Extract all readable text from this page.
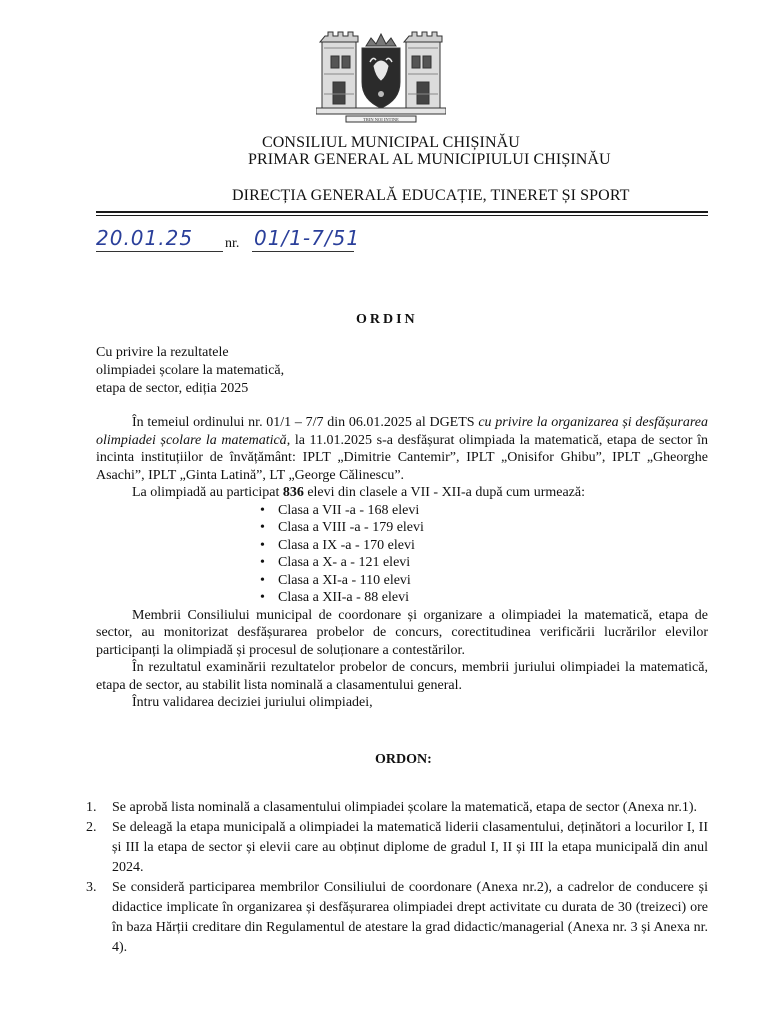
TRIN NOI INTINE
CONSILIUL MUNICIPAL CHIȘINĂU
PRIMAR GENERAL AL MUNICIPIULUI CHIȘINĂU
DIRECȚIA GENERALĂ EDUCAȚIE, TINERET ȘI SPORT
20.01.25 nr. 01/1-7/51
ORDIN
Cu privire la rezultatele
olimpiadei școlare la matematică,
etapa de sector, ediția 2025

În temeiul ordinului nr. 01/1 – 7/7 din 06.01.2025 al DGETS cu privire la organizarea și desfășurarea olimpiadei școlare la matematică, la 11.01.2025 s-a desfășurat olimpiada la matematică, etapa de sector în incinta instituțiilor de învățământ: IPLT „Dimitrie Cantemir”, IPLT „Onisifor Ghibu”, IPLT „Gheorghe Asachi”, IPLT „Ginta Latină”, LT „George Călinescu”.

La olimpiadă au participat 836 elevi din clasele a VII - XII-a după cum urmează:

• Clasa a VII -a - 168 elevi
• Clasa a VIII -a - 179 elevi
• Clasa a IX -a - 170 elevi
• Clasa a X- a - 121 elevi
• Clasa a XI-a - 110 elevi
• Clasa a XII-a - 88 elevi

Membrii Consiliului municipal de coordonare și organizare a olimpiadei la matematică, etapa de sector, au monitorizat desfășurarea probelor de concurs, corectitudinea verificării lucrărilor elevilor participanți la olimpiadă și procesul de soluționare a contestărilor.

În rezultatul examinării rezultatelor probelor de concurs, membrii juriului olimpiadei la matematică, etapa de sector, au stabilit lista nominală a clasamentului general.

Întru validarea deciziei juriului olimpiadei,

ORDON:
1. Se aprobă lista nominală a clasamentului olimpiadei școlare la matematică, etapa de sector (Anexa nr.1).
2. Se deleagă la etapa municipală a olimpiadei la matematică liderii clasamentului, deținători a locurilor I, II și III la etapa de sector și elevii care au obținut diplome de gradul I, II și III la etapa municipală din anul 2024.
3. Se consideră participarea membrilor Consiliului de coordonare (Anexa nr.2), a cadrelor de conducere și didactice implicate în organizarea și desfășurarea olimpiadei drept activitate cu durata de 30 (treizeci) ore în baza Hărții creditare din Regulamentul de atestare la grad didactic/managerial (Anexa nr. 3 și Anexa nr. 4).
